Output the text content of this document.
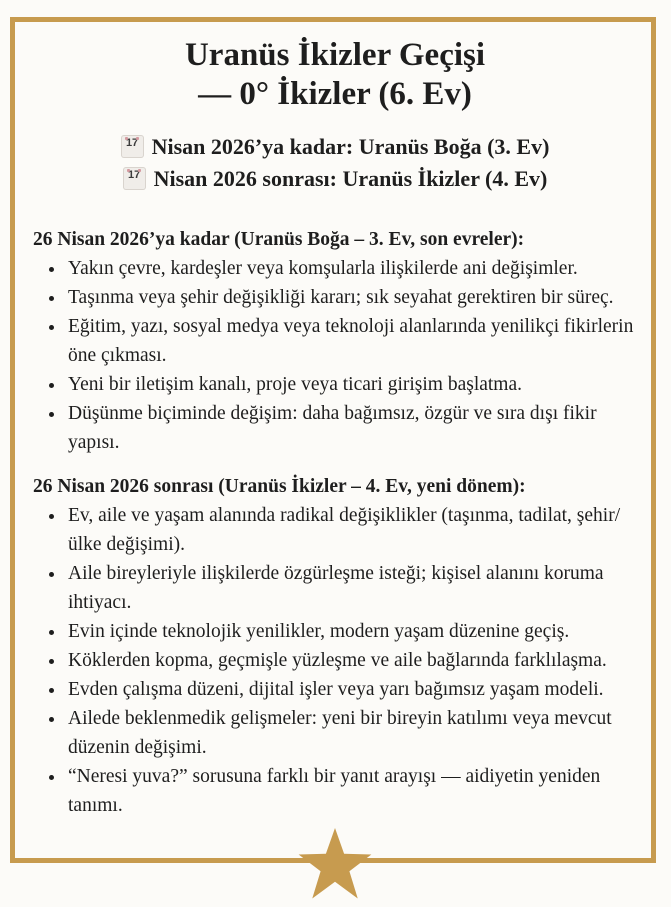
Uranüs İkizler Geçişi
— 0° İkizler (6. Ev)
17 Nisan 2026’ya kadar: Uranüs Boğa (3. Ev)
17 Nisan 2026 sonrası: Uranüs İkizler (4. Ev)

26 Nisan 2026’ya kadar (Uranüs Boğa – 3. Ev, son evreler):

• Yakın çevre, kardeşler veya komşularla ilişkilerde ani değişimler.
• Taşınma veya şehir değişikliği kararı; sık seyahat gerektiren bir süreç.
• Eğitim, yazı, sosyal medya veya teknoloji alanlarında yenilikçi fikirlerin öne çıkması.
• Yeni bir iletişim kanalı, proje veya ticari girişim başlatma.
• Düşünme biçiminde değişim: daha bağımsız, özgür ve sıra dışı fikir yapısı.

26 Nisan 2026 sonrası (Uranüs İkizler – 4. Ev, yeni dönem):

• Ev, aile ve yaşam alanında radikal değişiklikler (taşınma, tadilat, şehir/ ülke değişimi).
• Aile bireyleriyle ilişkilerde özgürleşme isteği; kişisel alanını koruma ihtiyacı.
• Evin içinde teknolojik yenilikler, modern yaşam düzenine geçiş.
• Köklerden kopma, geçmişle yüzleşme ve aile bağlarında farklılaşma.
• Evden çalışma düzeni, dijital işler veya yarı bağımsız yaşam modeli.
• Ailede beklenmedik gelişmeler: yeni bir bireyin katılımı veya mevcut düzenin değişimi.
• “Neresi yuva?” sorusuna farklı bir yanıt arayışı — aidiyetin yeniden tanımı.
